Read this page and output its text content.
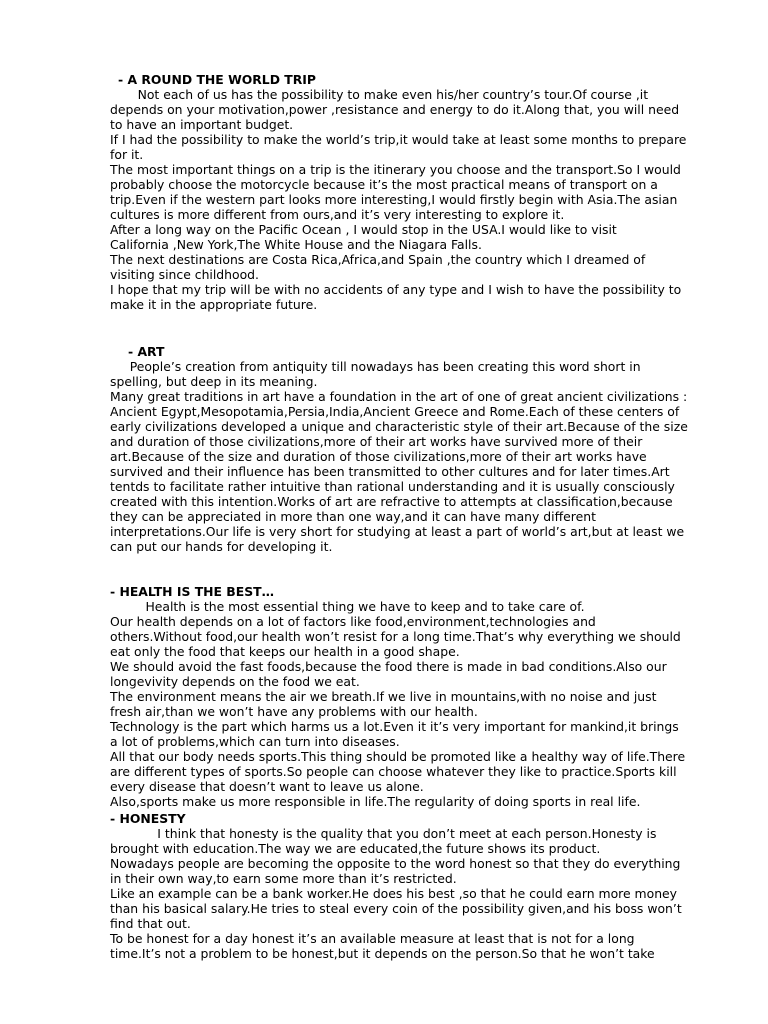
- A ROUND THE WORLD TRIP

Not each of us has the possibility to make even his/her country’s tour.Of course ,it

depends on your motivation,power ,resistance and energy to do it.Along that, you will need

to have an important budget.

If I had the possibility to make the world’s trip,it would take at least some months to prepare

for it.

The most important things on a trip is the itinerary you choose and the transport.So I would

probably choose the motorcycle because it’s the most practical means of transport on a

trip.Even if the western part looks more interesting,I would firstly begin with Asia.The asian

cultures is more different from ours,and it’s very interesting to explore it.

After a long way on the Pacific Ocean , I would stop in the USA.I would like to visit

California ,New York,The White House and the Niagara Falls.

The next destinations are Costa Rica,Africa,and Spain ,the country which I dreamed of

visiting since childhood.

I hope that my trip will be with no accidents of any type and I wish to have the possibility to

make it in the appropriate future.

- ART

People’s creation from antiquity till nowadays has been creating this word short in

spelling, but deep in its meaning.

Many great traditions in art have a foundation in the art of one of great ancient civilizations :

Ancient Egypt,Mesopotamia,Persia,India,Ancient Greece and Rome.Each of these centers of

early civilizations developed a unique and characteristic style of their art.Because of the size

and duration of those civilizations,more of their art works have survived more of their

art.Because of the size and duration of those civilizations,more of their art works have

survived and their influence has been transmitted to other cultures and for later times.Art

tentds to facilitate rather intuitive than rational understanding and it is usually consciously

created with this intention.Works of art are refractive to attempts at classification,because

they can be appreciated in more than one way,and it can have many different

interpretations.Our life is very short for studying at least a part of world’s art,but at least we

can put our hands for developing it.

- HEALTH IS THE BEST…

Health is the most essential thing we have to keep and to take care of.

Our health depends on a lot of factors like food,environment,technologies and

others.Without food,our health won’t resist for a long time.That’s why everything we should

eat only the food that keeps our health in a good shape.

We should avoid the fast foods,because the food there is made in bad conditions.Also our

longevivity depends on the food we eat.

The environment means the air we breath.If we live in mountains,with no noise and just

fresh air,than we won’t have any problems with our health.

Technology is the part which harms us a lot.Even it it’s very important for mankind,it brings

a lot of problems,which can turn into diseases.

All that our body needs sports.This thing should be promoted like a healthy way of life.There

are different types of sports.So people can choose whatever they like to practice.Sports kill

every disease that doesn’t want to leave us alone.

Also,sports make us more responsible in life.The regularity of doing sports in real life.

- HONESTY

I think that honesty is the quality that you don’t meet at each person.Honesty is

brought with education.The way we are educated,the future shows its product.

Nowadays people are becoming the opposite to the word honest so that they do everything

in their own way,to earn some more than it’s restricted.

Like an example can be a bank worker.He does his best ,so that he could earn more money

than his basical salary.He tries to steal every coin of the possibility given,and his boss won’t

find that out.

To be honest for a day honest it’s an available measure at least that is not for a long

time.It’s not a problem to be honest,but it depends on the person.So that he won’t take
